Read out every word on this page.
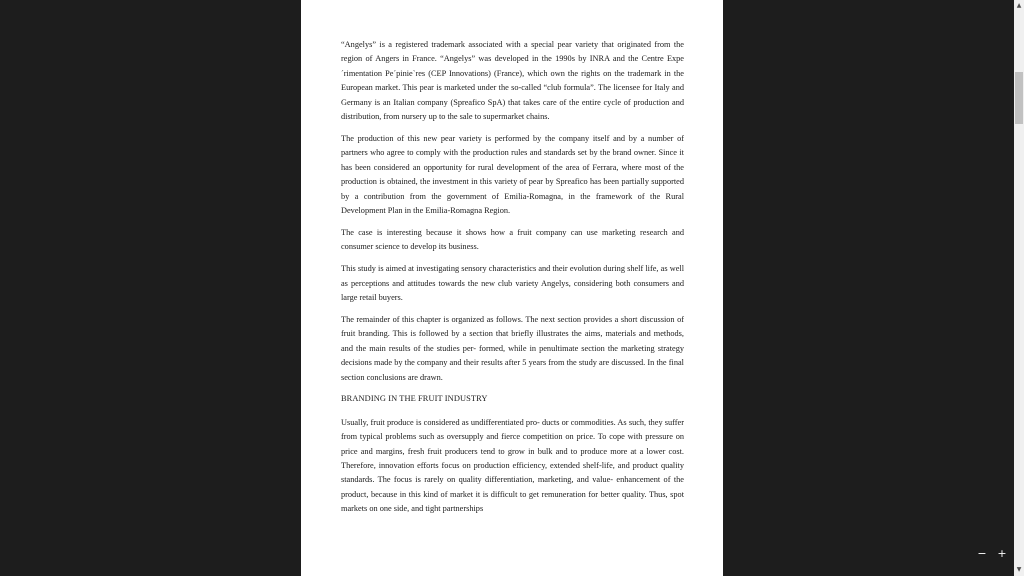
“Angelys” is a registered trademark associated with a special pear variety that originated from the region of Angers in France. “Angelys” was developed in the 1990s by INRA and the Centre Expe´rimentation Pe´pinie`res (CEP Innovations) (France), which own the rights on the trademark in the European market. This pear is marketed under the so-called “club formula”. The licensee for Italy and Germany is an Italian company (Spreafico SpA) that takes care of the entire cycle of production and distribution, from nursery up to the sale to supermarket chains.

The production of this new pear variety is performed by the company itself and by a number of partners who agree to comply with the production rules and standards set by the brand owner. Since it has been considered an opportunity for rural development of the area of Ferrara, where most of the production is obtained, the investment in this variety of pear by Spreafico has been partially supported by a contribution from the government of Emilia-Romagna, in the framework of the Rural Development Plan in the Emilia-Romagna Region.

The case is interesting because it shows how a fruit company can use marketing research and consumer science to develop its business.

This study is aimed at investigating sensory characteristics and their evolution during shelf life, as well as perceptions and attitudes towards the new club variety Angelys, considering both consumers and large retail buyers.

The remainder of this chapter is organized as follows. The next section provides a short discussion of fruit branding. This is followed by a section that briefly illustrates the aims, materials and methods, and the main results of the studies per- formed, while in penultimate section the marketing strategy decisions made by the company and their results after 5 years from the study are discussed. In the final section conclusions are drawn.

BRANDING IN THE FRUIT INDUSTRY

Usually, fruit produce is considered as undifferentiated pro- ducts or commodities. As such, they suffer from typical problems such as oversupply and fierce competition on price. To cope with pressure on price and margins, fresh fruit producers tend to grow in bulk and to produce more at a lower cost. Therefore, innovation efforts focus on production efficiency, extended shelf-life, and product quality standards. The focus is rarely on quality differentiation, marketing, and value- enhancement of the product, because in this kind of market it is difficult to get remuneration for better quality. Thus, spot markets on one side, and tight partnerships

▲
▼
− +
